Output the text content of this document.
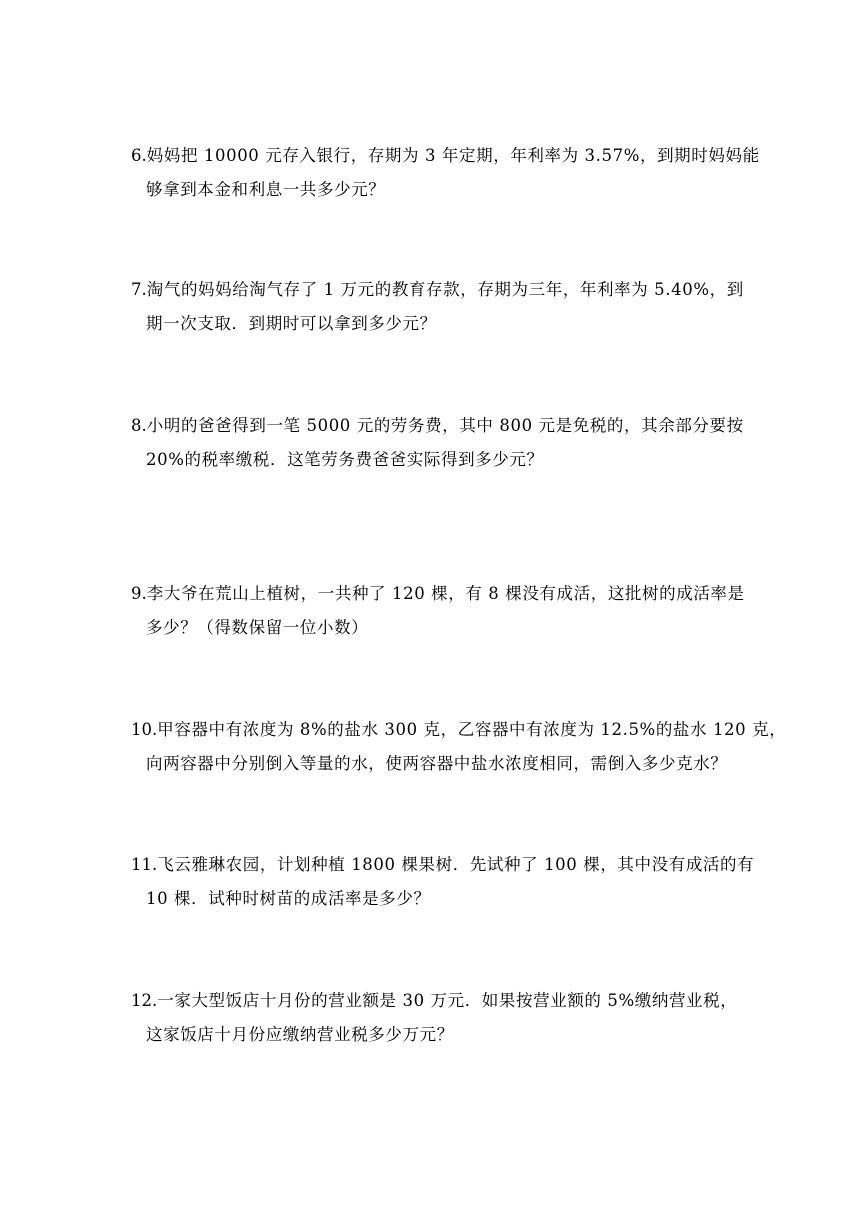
6.妈妈把 10000 元存入银行，存期为 3 年定期，年利率为 3.57%，到期时妈妈能
够拿到本金和利息一共多少元？
7.淘气的妈妈给淘气存了 1 万元的教育存款，存期为三年，年利率为 5.40%，到
期一次支取．到期时可以拿到多少元？
8.小明的爸爸得到一笔 5000 元的劳务费，其中 800 元是免税的，其余部分要按
20%的税率缴税．这笔劳务费爸爸实际得到多少元？
9.李大爷在荒山上植树，一共种了 120 棵，有 8 棵没有成活，这批树的成活率是
多少？（得数保留一位小数）
10.甲容器中有浓度为 8%的盐水 300 克，乙容器中有浓度为 12.5%的盐水 120 克，
向两容器中分别倒入等量的水，使两容器中盐水浓度相同，需倒入多少克水？
11.飞云雅琳农园，计划种植 1800 棵果树．先试种了 100 棵，其中没有成活的有
10 棵．试种时树苗的成活率是多少？
12.一家大型饭店十月份的营业额是 30 万元．如果按营业额的 5%缴纳营业税，
这家饭店十月份应缴纳营业税多少万元？
